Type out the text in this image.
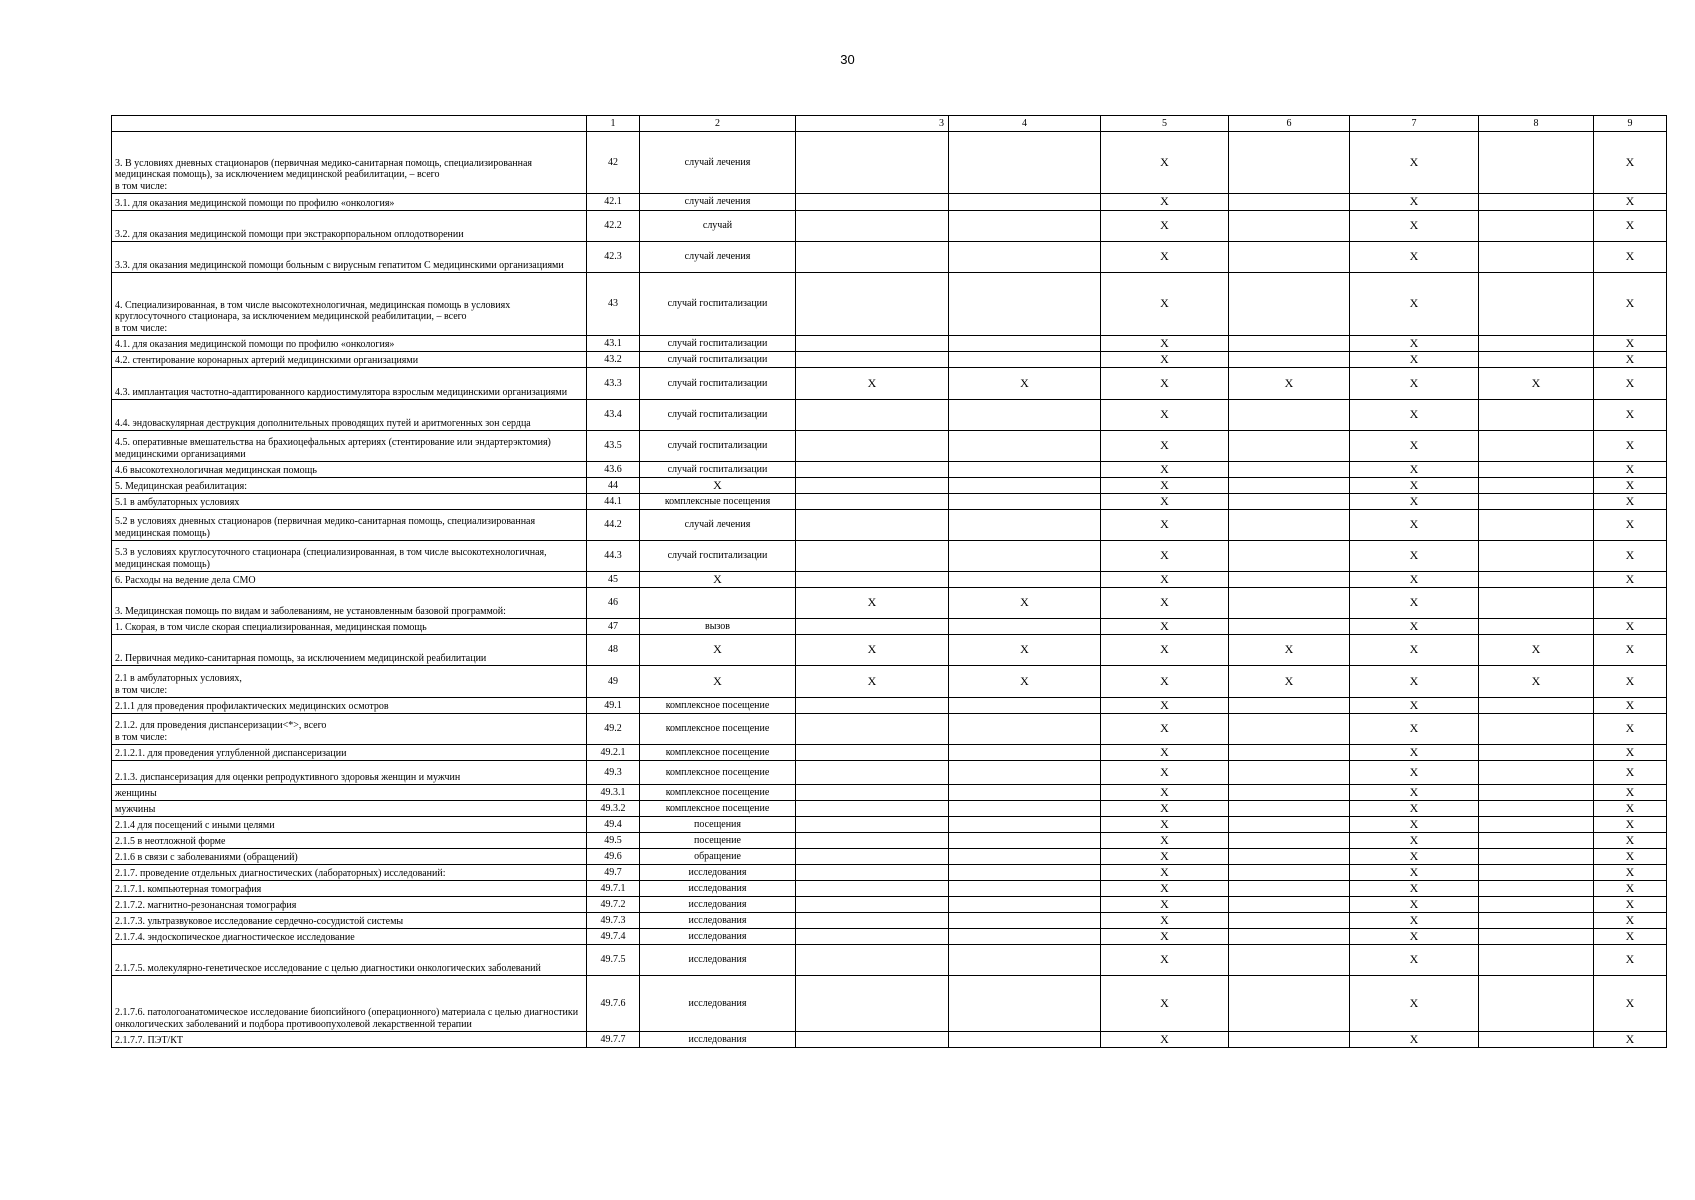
30
	1	2	3	4	5	6	7	8	9
3. В условиях дневных стационаров (первичная медико-санитарная помощь, специализированная медицинская помощь), за исключением медицинской реабилитации, – всего
в том числе:	42	случай лечения			X		X		X
3.1. для оказания медицинской помощи по профилю «онкология»	42.1	случай лечения			X		X		X
3.2. для оказания медицинской помощи при экстракорпоральном оплодотворении	42.2	случай			X		X		X
3.3. для оказания медицинской помощи больным с вирусным гепатитом С медицинскими организациями	42.3	случай лечения			X		X		X
4. Специализированная, в том числе высокотехнологичная, медицинская помощь в условиях круглосуточного стационара, за исключением медицинской реабилитации, – всего
в том числе:	43	случай госпитализации			X		X		X
4.1. для оказания медицинской помощи по профилю «онкология»	43.1	случай госпитализации			X		X		X
4.2. стентирование коронарных артерий медицинскими организациями	43.2	случай госпитализации			X		X		X
4.3. имплантация частотно-адаптированного кардиостимулятора взрослым медицинскими организациями	43.3	случай госпитализации	X	X	X	X	X	X	X
4.4. эндоваскулярная деструкция дополнительных проводящих путей и аритмогенных зон сердца	43.4	случай госпитализации			X		X		X
4.5. оперативные вмешательства на брахиоцефальных артериях (стентирование или эндартерэктомия) медицинскими организациями	43.5	случай госпитализации			X		X		X
4.6 высокотехнологичная медицинская помощь	43.6	случай госпитализации			X		X		X
5. Медицинская реабилитация:	44	X			X		X		X
5.1 в амбулаторных условиях	44.1	комплексные посещения			X		X		X
5.2 в условиях дневных стационаров (первичная медико-санитарная помощь, специализированная медицинская помощь)	44.2	случай лечения			X		X		X
5.3 в условиях круглосуточного стационара (специализированная, в том числе высокотехнологичная, медицинская помощь)	44.3	случай госпитализации			X		X		X
6. Расходы на ведение дела СМО	45	X			X		X		X
3. Медицинская помощь по видам и заболеваниям, не установленным базовой программой:	46		X	X	X		X		
1. Скорая, в том числе скорая специализированная, медицинская помощь	47	вызов			X		X		X
2. Первичная медико-санитарная помощь, за исключением медицинской реабилитации	48	X	X	X	X	X	X	X	X
2.1 в амбулаторных условиях,
в том числе:	49	X	X	X	X	X	X	X	X
2.1.1 для проведения профилактических медицинских осмотров	49.1	комплексное посещение			X		X		X
2.1.2. для проведения диспансеризации<*>, всего
в том числе:	49.2	комплексное посещение			X		X		X
2.1.2.1. для проведения углубленной диспансеризации	49.2.1	комплексное посещение			X		X		X
2.1.3. диспансеризация для оценки репродуктивного здоровья женщин и мужчин	49.3	комплексное посещение			X		X		X
женщины	49.3.1	комплексное посещение			X		X		X
мужчины	49.3.2	комплексное посещение			X		X		X
2.1.4 для посещений с иными целями	49.4	посещения			X		X		X
2.1.5 в неотложной форме	49.5	посещение			X		X		X
2.1.6 в связи с заболеваниями (обращений)	49.6	обращение			X		X		X
2.1.7. проведение отдельных диагностических (лабораторных) исследований:	49.7	исследования			X		X		X
2.1.7.1. компьютерная томография	49.7.1	исследования			X		X		X
2.1.7.2. магнитно-резонансная томография	49.7.2	исследования			X		X		X
2.1.7.3. ультразвуковое исследование сердечно-сосудистой системы	49.7.3	исследования			X		X		X
2.1.7.4. эндоскопическое диагностическое исследование	49.7.4	исследования			X		X		X
2.1.7.5. молекулярно-генетическое исследование с целью диагностики онкологических заболеваний	49.7.5	исследования			X		X		X
2.1.7.6. патологоанатомическое исследование биопсийного (операционного) материала с целью диагностики онкологических заболеваний и подбора противоопухолевой лекарственной терапии	49.7.6	исследования			X		X		X
2.1.7.7. ПЭТ/КТ	49.7.7	исследования			X		X		X
